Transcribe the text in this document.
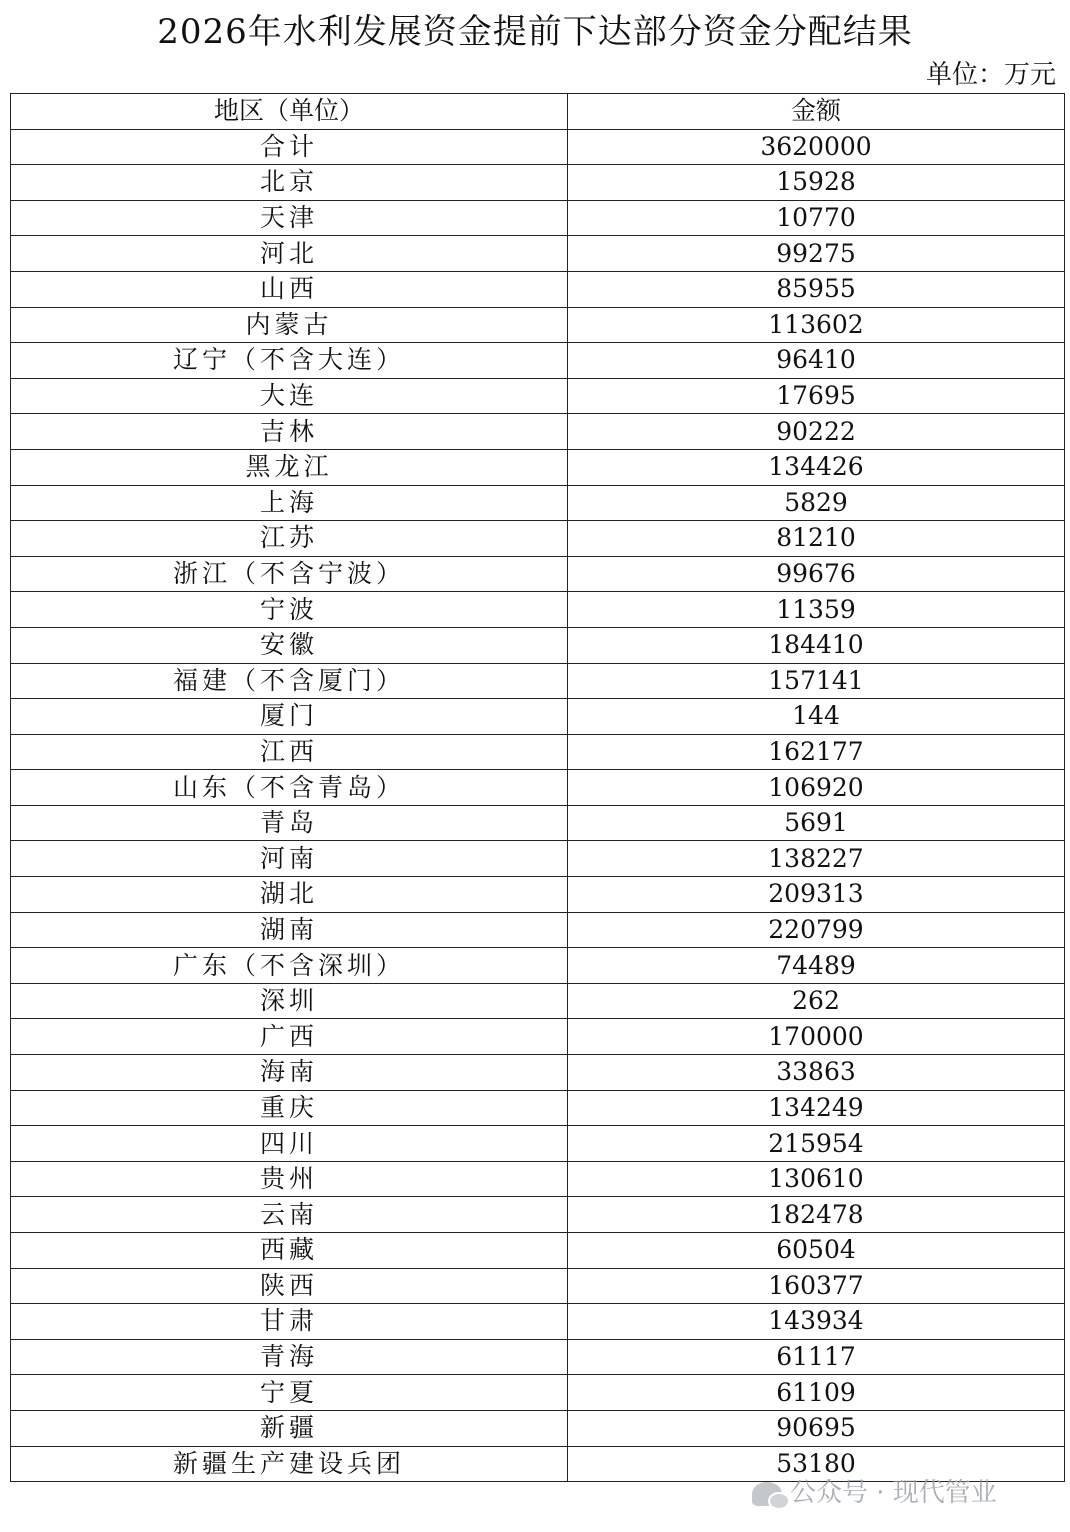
2026年水利发展资金提前下达部分资金分配结果
单位：万元
地区（单位）	金额
合计	3620000
北京	15928
天津	10770
河北	99275
山西	85955
内蒙古	113602
辽宁（不含大连）	96410
大连	17695
吉林	90222
黑龙江	134426
上海	5829
江苏	81210
浙江（不含宁波）	99676
宁波	11359
安徽	184410
福建（不含厦门）	157141
厦门	144
江西	162177
山东（不含青岛）	106920
青岛	5691
河南	138227
湖北	209313
湖南	220799
广东（不含深圳）	74489
深圳	262
广西	170000
海南	33863
重庆	134249
四川	215954
贵州	130610
云南	182478
西藏	60504
陕西	160377
甘肃	143934
青海	61117
宁夏	61109
新疆	90695
新疆生产建设兵团	53180
公众号 · 现代管业
